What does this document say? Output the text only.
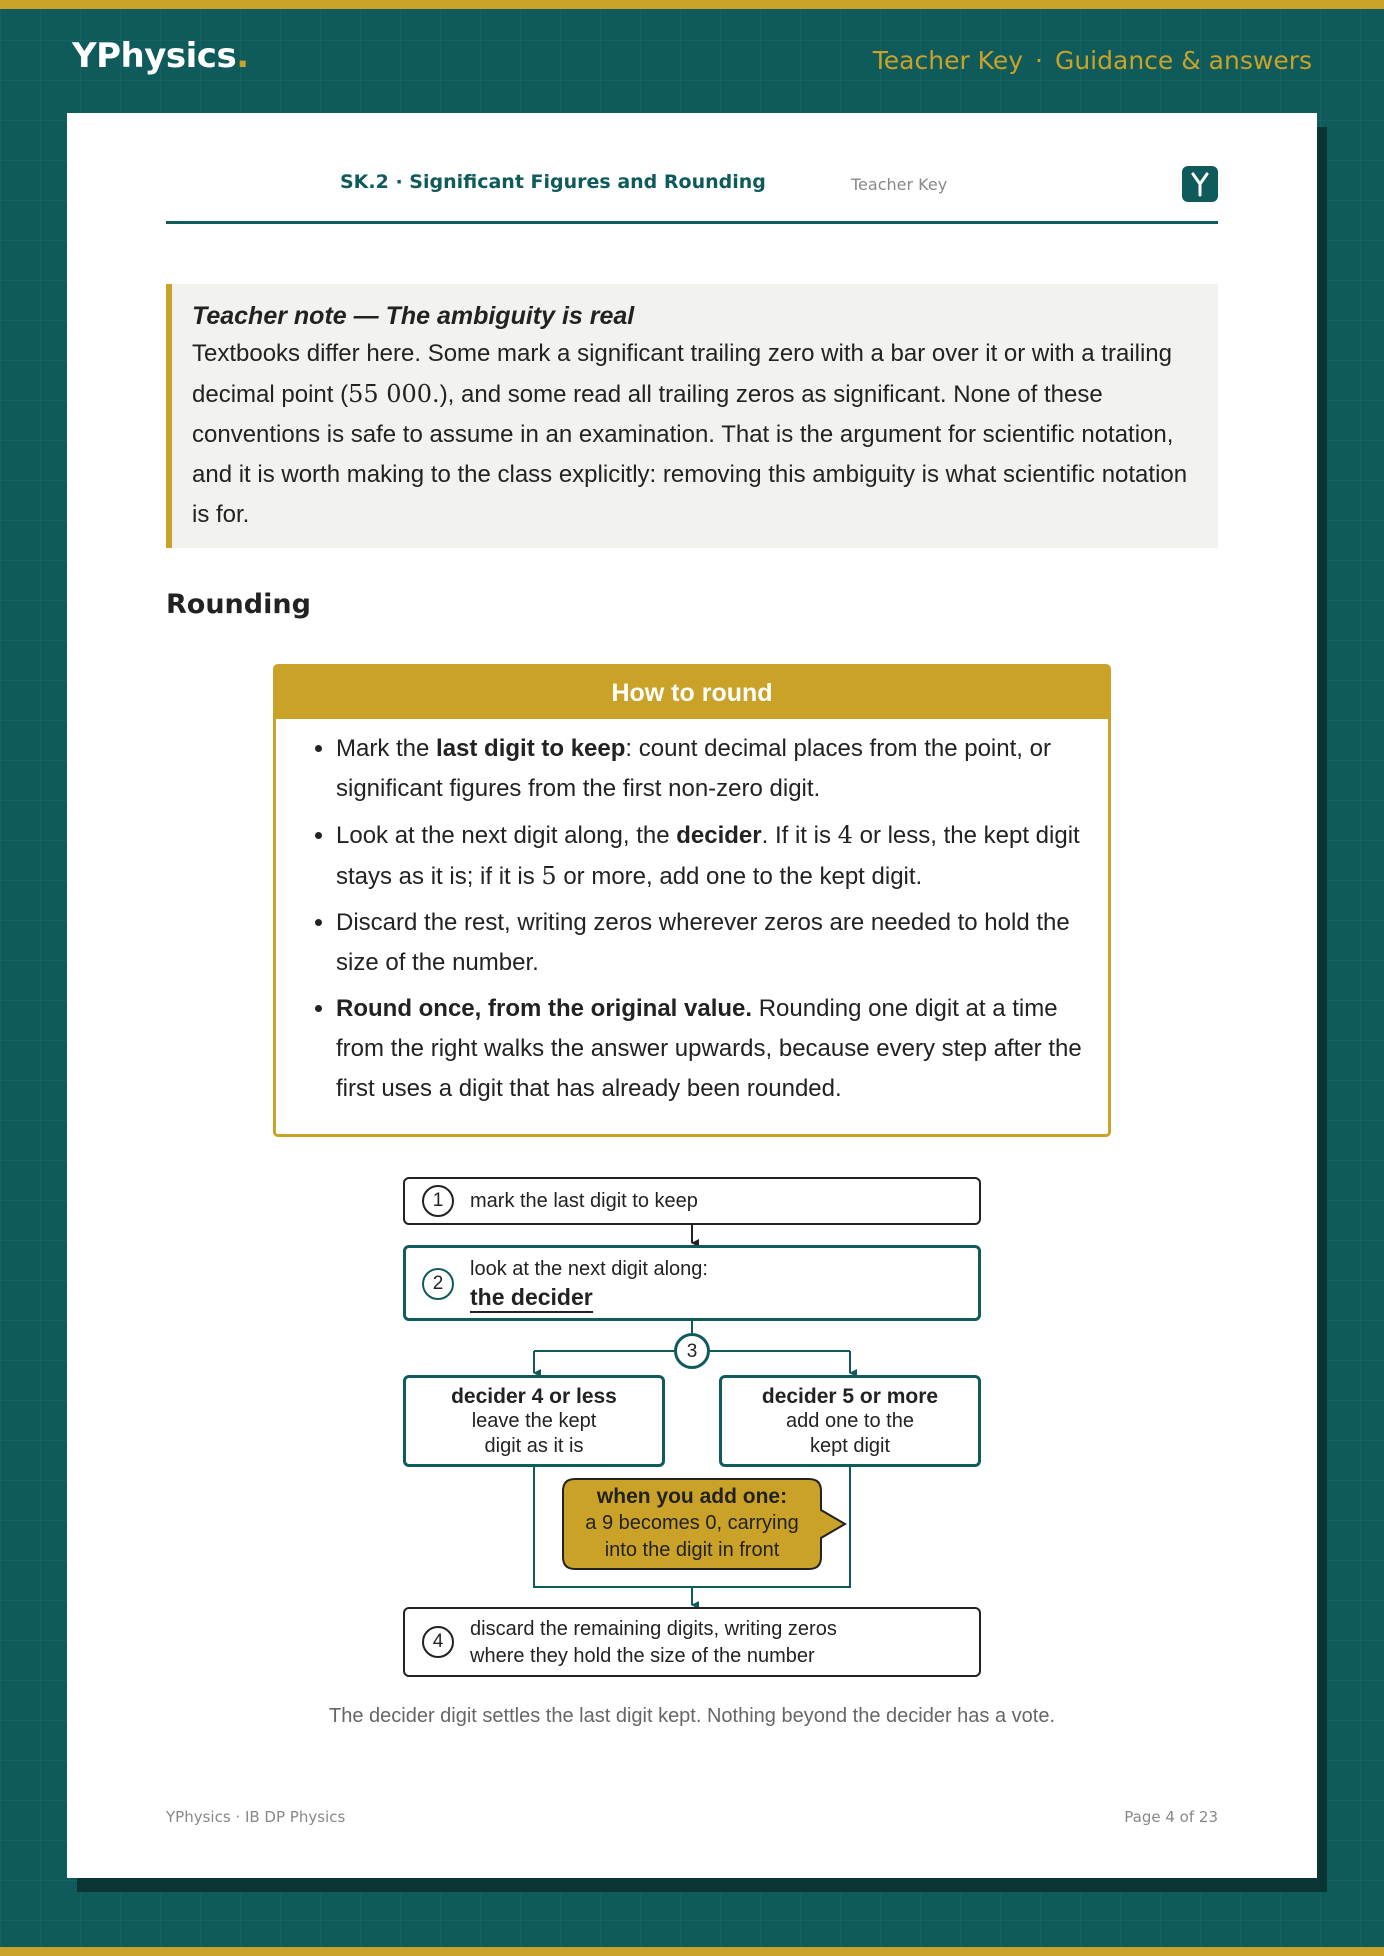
YPhysics.	Teacher Key · Guidance & answers
SK.2 · Significant Figures and Rounding	Teacher Key
Teacher note — The ambiguity is real
Textbooks differ here. Some mark a significant trailing zero with a bar over it or with a trailing decimal point (55 000.), and some read all trailing zeros as significant. None of these conventions is safe to assume in an examination. That is the argument for scientific notation, and it is worth making to the class explicitly: removing this ambiguity is what scientific notation is for.
Rounding
How to round
• Mark the last digit to keep: count decimal places from the point, or significant figures from the first non-zero digit.
• Look at the next digit along, the decider. If it is 4 or less, the kept digit stays as it is; if it is 5 or more, add one to the kept digit.
• Discard the rest, writing zeros wherever zeros are needed to hold the size of the number.
• Round once, from the original value. Rounding one digit at a time from the right walks the answer upwards, because every step after the first uses a digit that has already been rounded.
1	mark the last digit to keep
2
look at the next digit along:
the decider
3
decider 4 or less
leave the kept
digit as it is
decider 5 or more
add one to the
kept digit
when you add one:
a 9 becomes 0, carrying
into the digit in front
4
discard the remaining digits, writing zeros
where they hold the size of the number
The decider digit settles the last digit kept. Nothing beyond the decider has a vote.
YPhysics · IB DP Physics	Page 4 of 23
